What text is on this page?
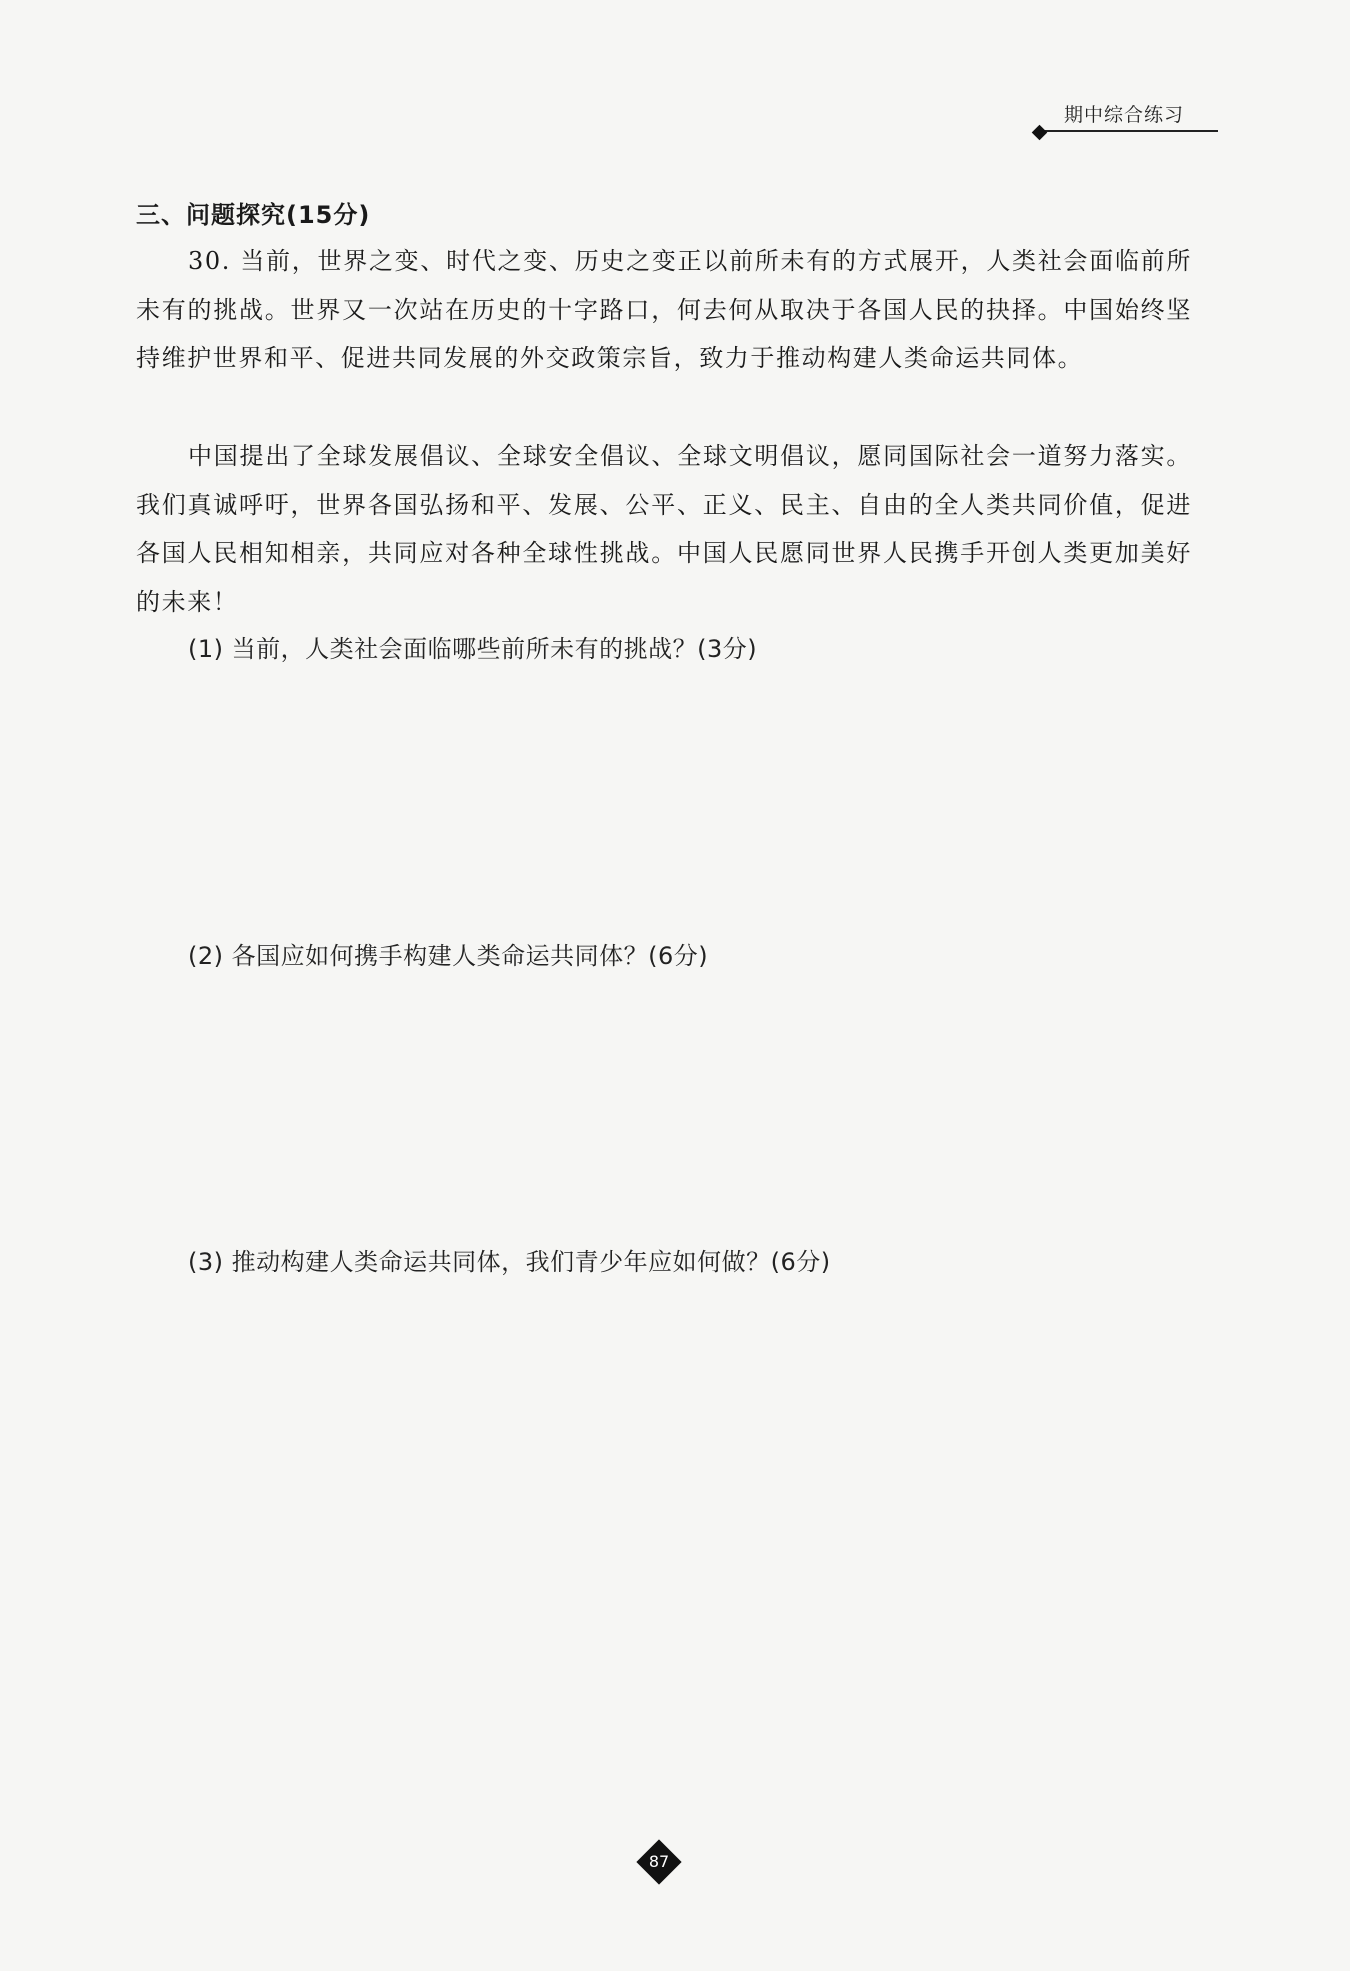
期中综合练习
三、问题探究(15分)

30. 当前，世界之变、时代之变、历史之变正以前所未有的方式展开，人类社会面临前所未有的挑战。世界又一次站在历史的十字路口，何去何从取决于各国人民的抉择。中国始终坚持维护世界和平、促进共同发展的外交政策宗旨，致力于推动构建人类命运共同体。

中国提出了全球发展倡议、全球安全倡议、全球文明倡议，愿同国际社会一道努力落实。我们真诚呼吁，世界各国弘扬和平、发展、公平、正义、民主、自由的全人类共同价值，促进各国人民相知相亲，共同应对各种全球性挑战。中国人民愿同世界人民携手开创人类更加美好的未来！

(1) 当前，人类社会面临哪些前所未有的挑战？(3分)
(2) 各国应如何携手构建人类命运共同体？(6分)
(3) 推动构建人类命运共同体，我们青少年应如何做？(6分)
87
